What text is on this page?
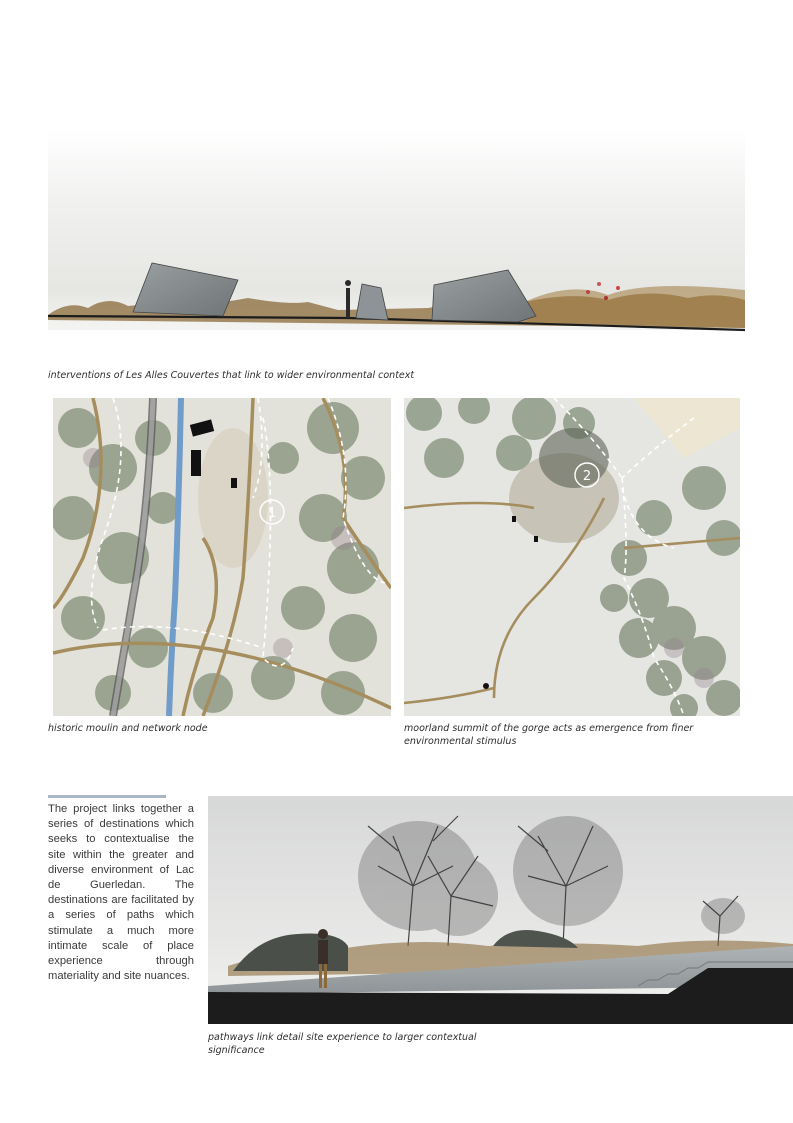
interventions of Les Alles Couvertes that link to wider environmental context
1
historic moulin and network node
2
moorland summit of the gorge acts as emergence from finer environmental stimulus
The project links together a series of destinations which seeks to contextualise the site within the greater and diverse environment of Lac de Guerledan. The destinations are facilitated by a series of paths which stimulate a much more intimate scale of place experience through materiality and site nuances.
pathways link detail site experience to larger contextual significance
